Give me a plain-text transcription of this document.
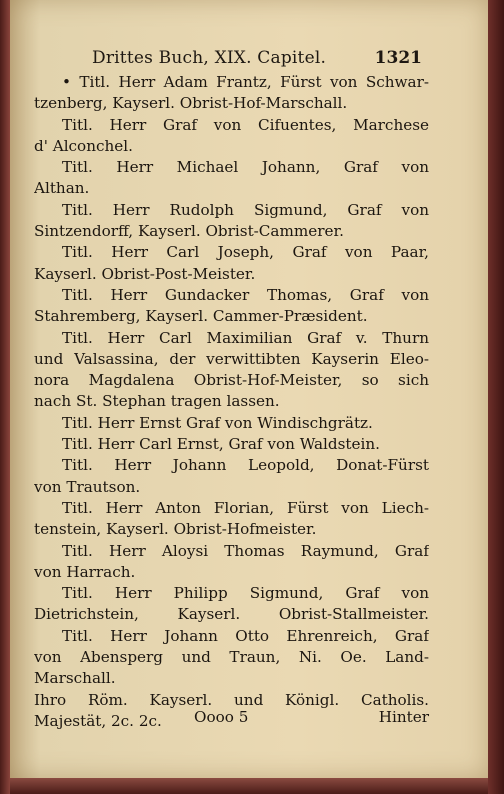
Drittes Buch, XIX. Capitel.	1321
• Titl. Herr Adam Frantz, Fürst von Schwar-
tzenberg, Kayserl. Obrist-Hof-Marschall.
Titl. Herr Graf von Cifuentes, Marchese
d' Alconchel.
Titl. Herr Michael Johann, Graf von
Althan.
Titl. Herr Rudolph Sigmund, Graf von
Sintzendorff, Kayserl. Obrist-Cammerer.
Titl. Herr Carl Joseph, Graf von Paar,
Kayserl. Obrist-Post-Meister.
Titl. Herr Gundacker Thomas, Graf von
Stahremberg, Kayserl. Cammer-Præsident.
Titl. Herr Carl Maximilian Graf v. Thurn
und Valsassina, der verwittibten Kayserin Eleo-
nora Magdalena Obrist-Hof-Meister, so sich
nach St. Stephan tragen lassen.
Titl. Herr Ernst Graf von Windischgrätz.
Titl. Herr Carl Ernst, Graf von Waldstein.
Titl. Herr Johann Leopold, Donat-Fürst
von Trautson.
Titl. Herr Anton Florian, Fürst von Liech-
tenstein, Kayserl. Obrist-Hofmeister.
Titl. Herr Aloysi Thomas Raymund, Graf
von Harrach.
Titl. Herr Philipp Sigmund, Graf von
Dietrichstein, Kayserl. Obrist-Stallmeister.
Titl. Herr Johann Otto Ehrenreich, Graf
von Abensperg und Traun, Ni. Oe. Land-
Marschall.
Ihro Röm. Kayserl. und Königl. Catholis.
Majestät, 2c. 2c.	Oooo 5	Hinter
